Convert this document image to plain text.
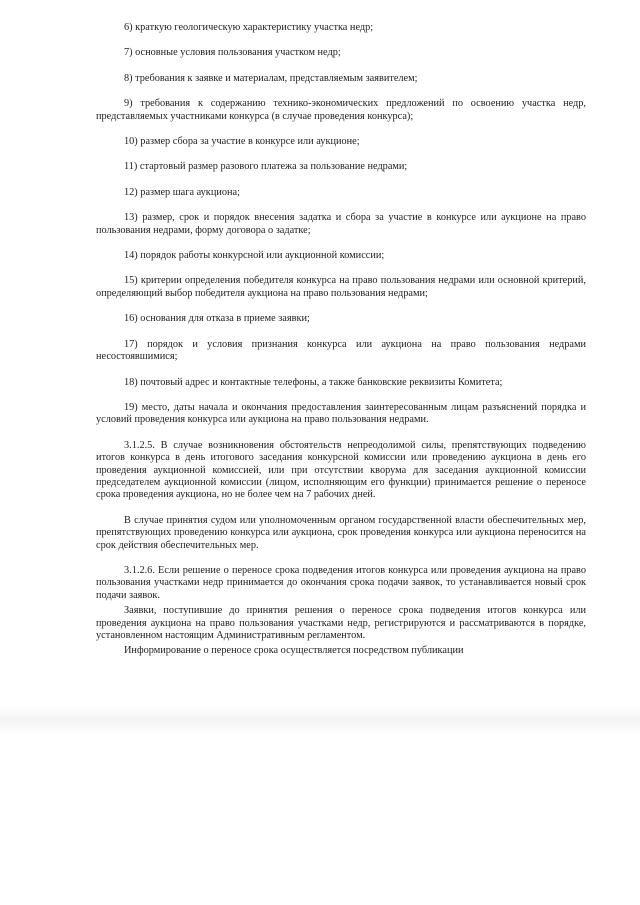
6) краткую геологическую характеристику участка недр;

7) основные условия пользования участком недр;

8) требования к заявке и материалам, представляемым заявителем;

9) требования к содержанию технико-экономических предложений по освоению участка недр, представляемых участниками конкурса (в случае проведения конкурса);

10) размер сбора за участие в конкурсе или аукционе;

11) стартовый размер разового платежа за пользование недрами;

12) размер шага аукциона;

13) размер, срок и порядок внесения задатка и сбора за участие в конкурсе или аукционе на право пользования недрами, форму договора о задатке;

14) порядок работы конкурсной или аукционной комиссии;

15) критерии определения победителя конкурса на право пользования недрами или основной критерий, определяющий выбор победителя аукциона на право пользования недрами;

16) основания для отказа в приеме заявки;

17) порядок и условия признания конкурса или аукциона на право пользования недрами несостоявшимися;

18) почтовый адрес и контактные телефоны, а также банковские реквизиты Комитета;

19) место, даты начала и окончания предоставления заинтересованным лицам разъяснений порядка и условий проведения конкурса или аукциона на право пользования недрами.

3.1.2.5. В случае возникновения обстоятельств непреодолимой силы, препятствующих подведению итогов конкурса в день итогового заседания конкурсной комиссии или проведению аукциона в день его проведения аукционной комиссией, или при отсутствии кворума для заседания аукционной комиссии председателем аукционной комиссии (лицом, исполняющим его функции) принимается решение о переносе срока проведения аукциона, но не более чем на 7 рабочих дней.

В случае принятия судом или уполномоченным органом государственной власти обеспечительных мер, препятствующих проведению конкурса или аукциона, срок проведения конкурса или аукциона переносится на срок действия обеспечительных мер.

3.1.2.6. Если решение о переносе срока подведения итогов конкурса или проведения аукциона на право пользования участками недр принимается до окончания срока подачи заявок, то устанавливается новый срок подачи заявок.

Заявки, поступившие до принятия решения о переносе срока подведения итогов конкурса или проведения аукциона на право пользования участками недр, регистрируются и рассматриваются в порядке, установленном настоящим Административным регламентом.

Информирование о переносе срока осуществляется посредством публикации
